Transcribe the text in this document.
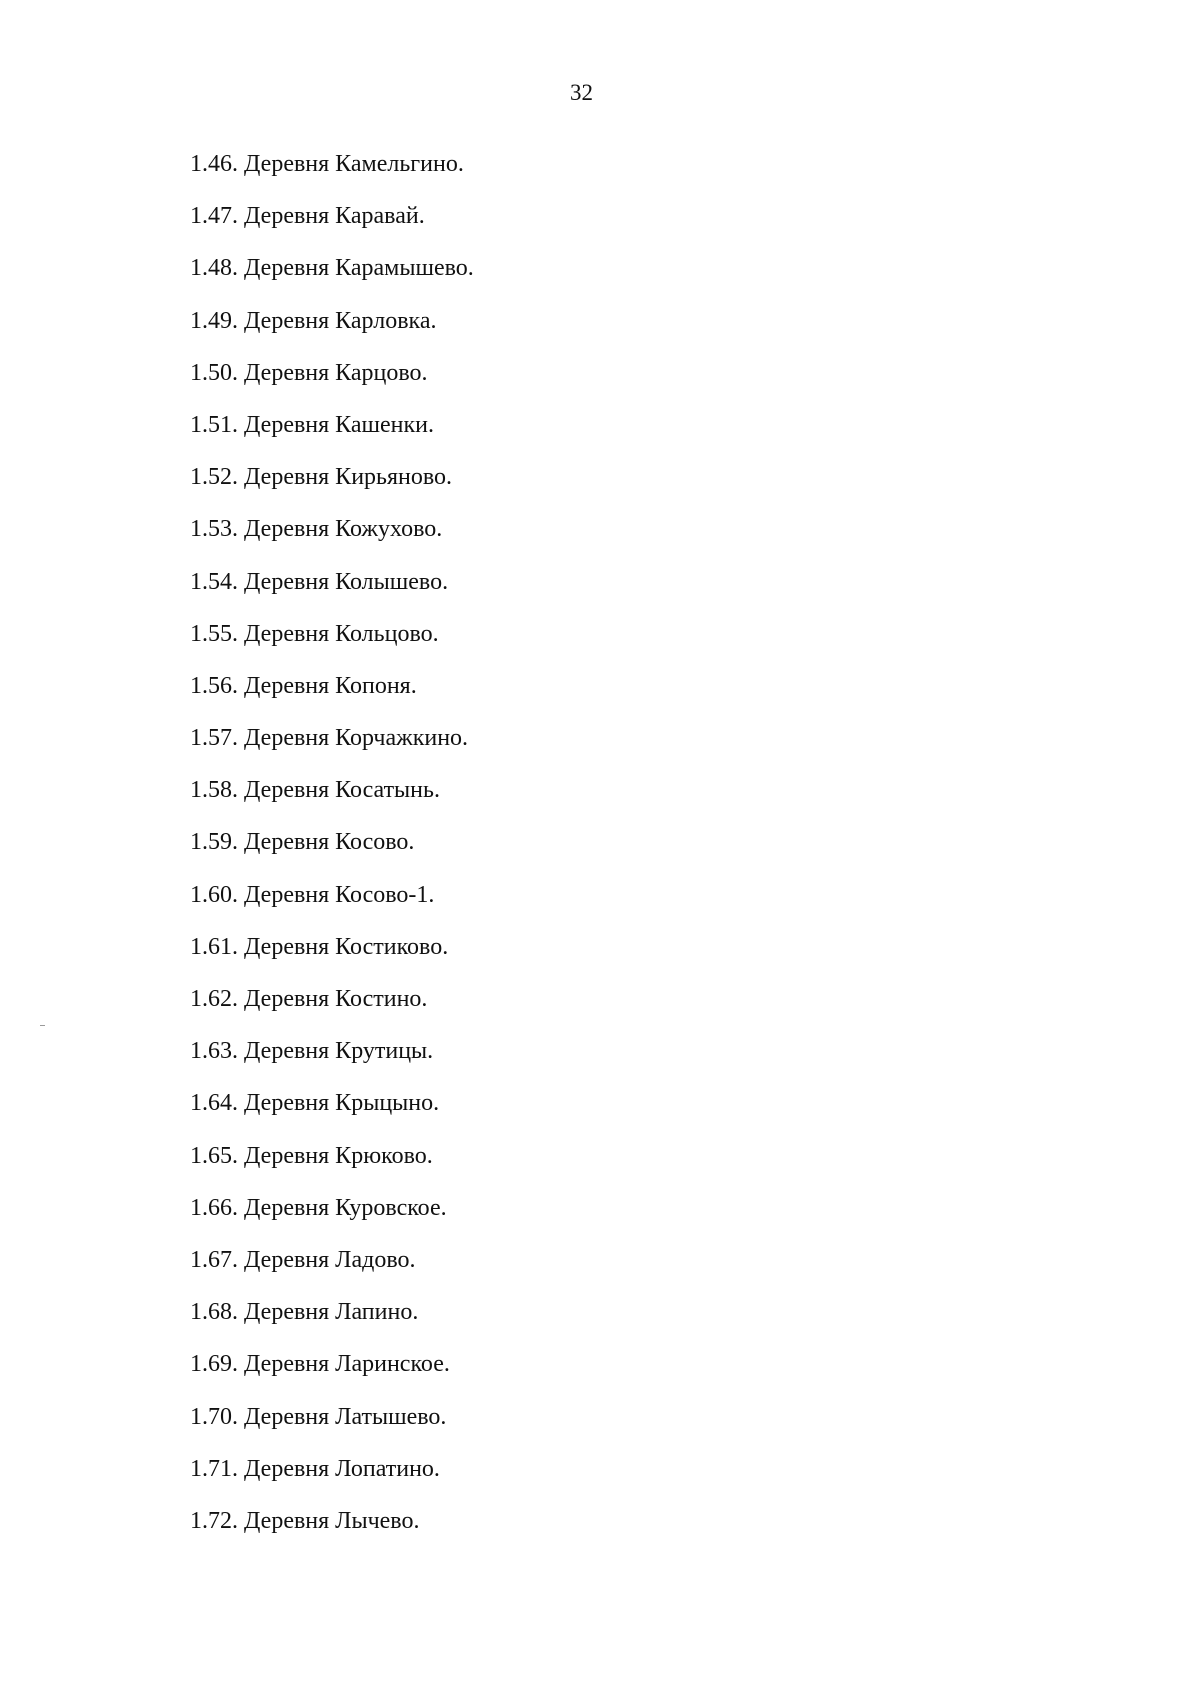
32
1.46. Деревня Камельгино.
1.47. Деревня Каравай.
1.48. Деревня Карамышево.
1.49. Деревня Карловка.
1.50. Деревня Карцово.
1.51. Деревня Кашенки.
1.52. Деревня Кирьяново.
1.53. Деревня Кожухово.
1.54. Деревня Колышево.
1.55. Деревня Кольцово.
1.56. Деревня Копоня.
1.57. Деревня Корчажкино.
1.58. Деревня Косатынь.
1.59. Деревня Косово.
1.60. Деревня Косово-1.
1.61. Деревня Костиково.
1.62. Деревня Костино.
1.63. Деревня Крутицы.
1.64. Деревня Крыцыно.
1.65. Деревня Крюково.
1.66. Деревня Куровское.
1.67. Деревня Ладово.
1.68. Деревня Лапино.
1.69. Деревня Ларинское.
1.70. Деревня Латышево.
1.71. Деревня Лопатино.
1.72. Деревня Лычево.
